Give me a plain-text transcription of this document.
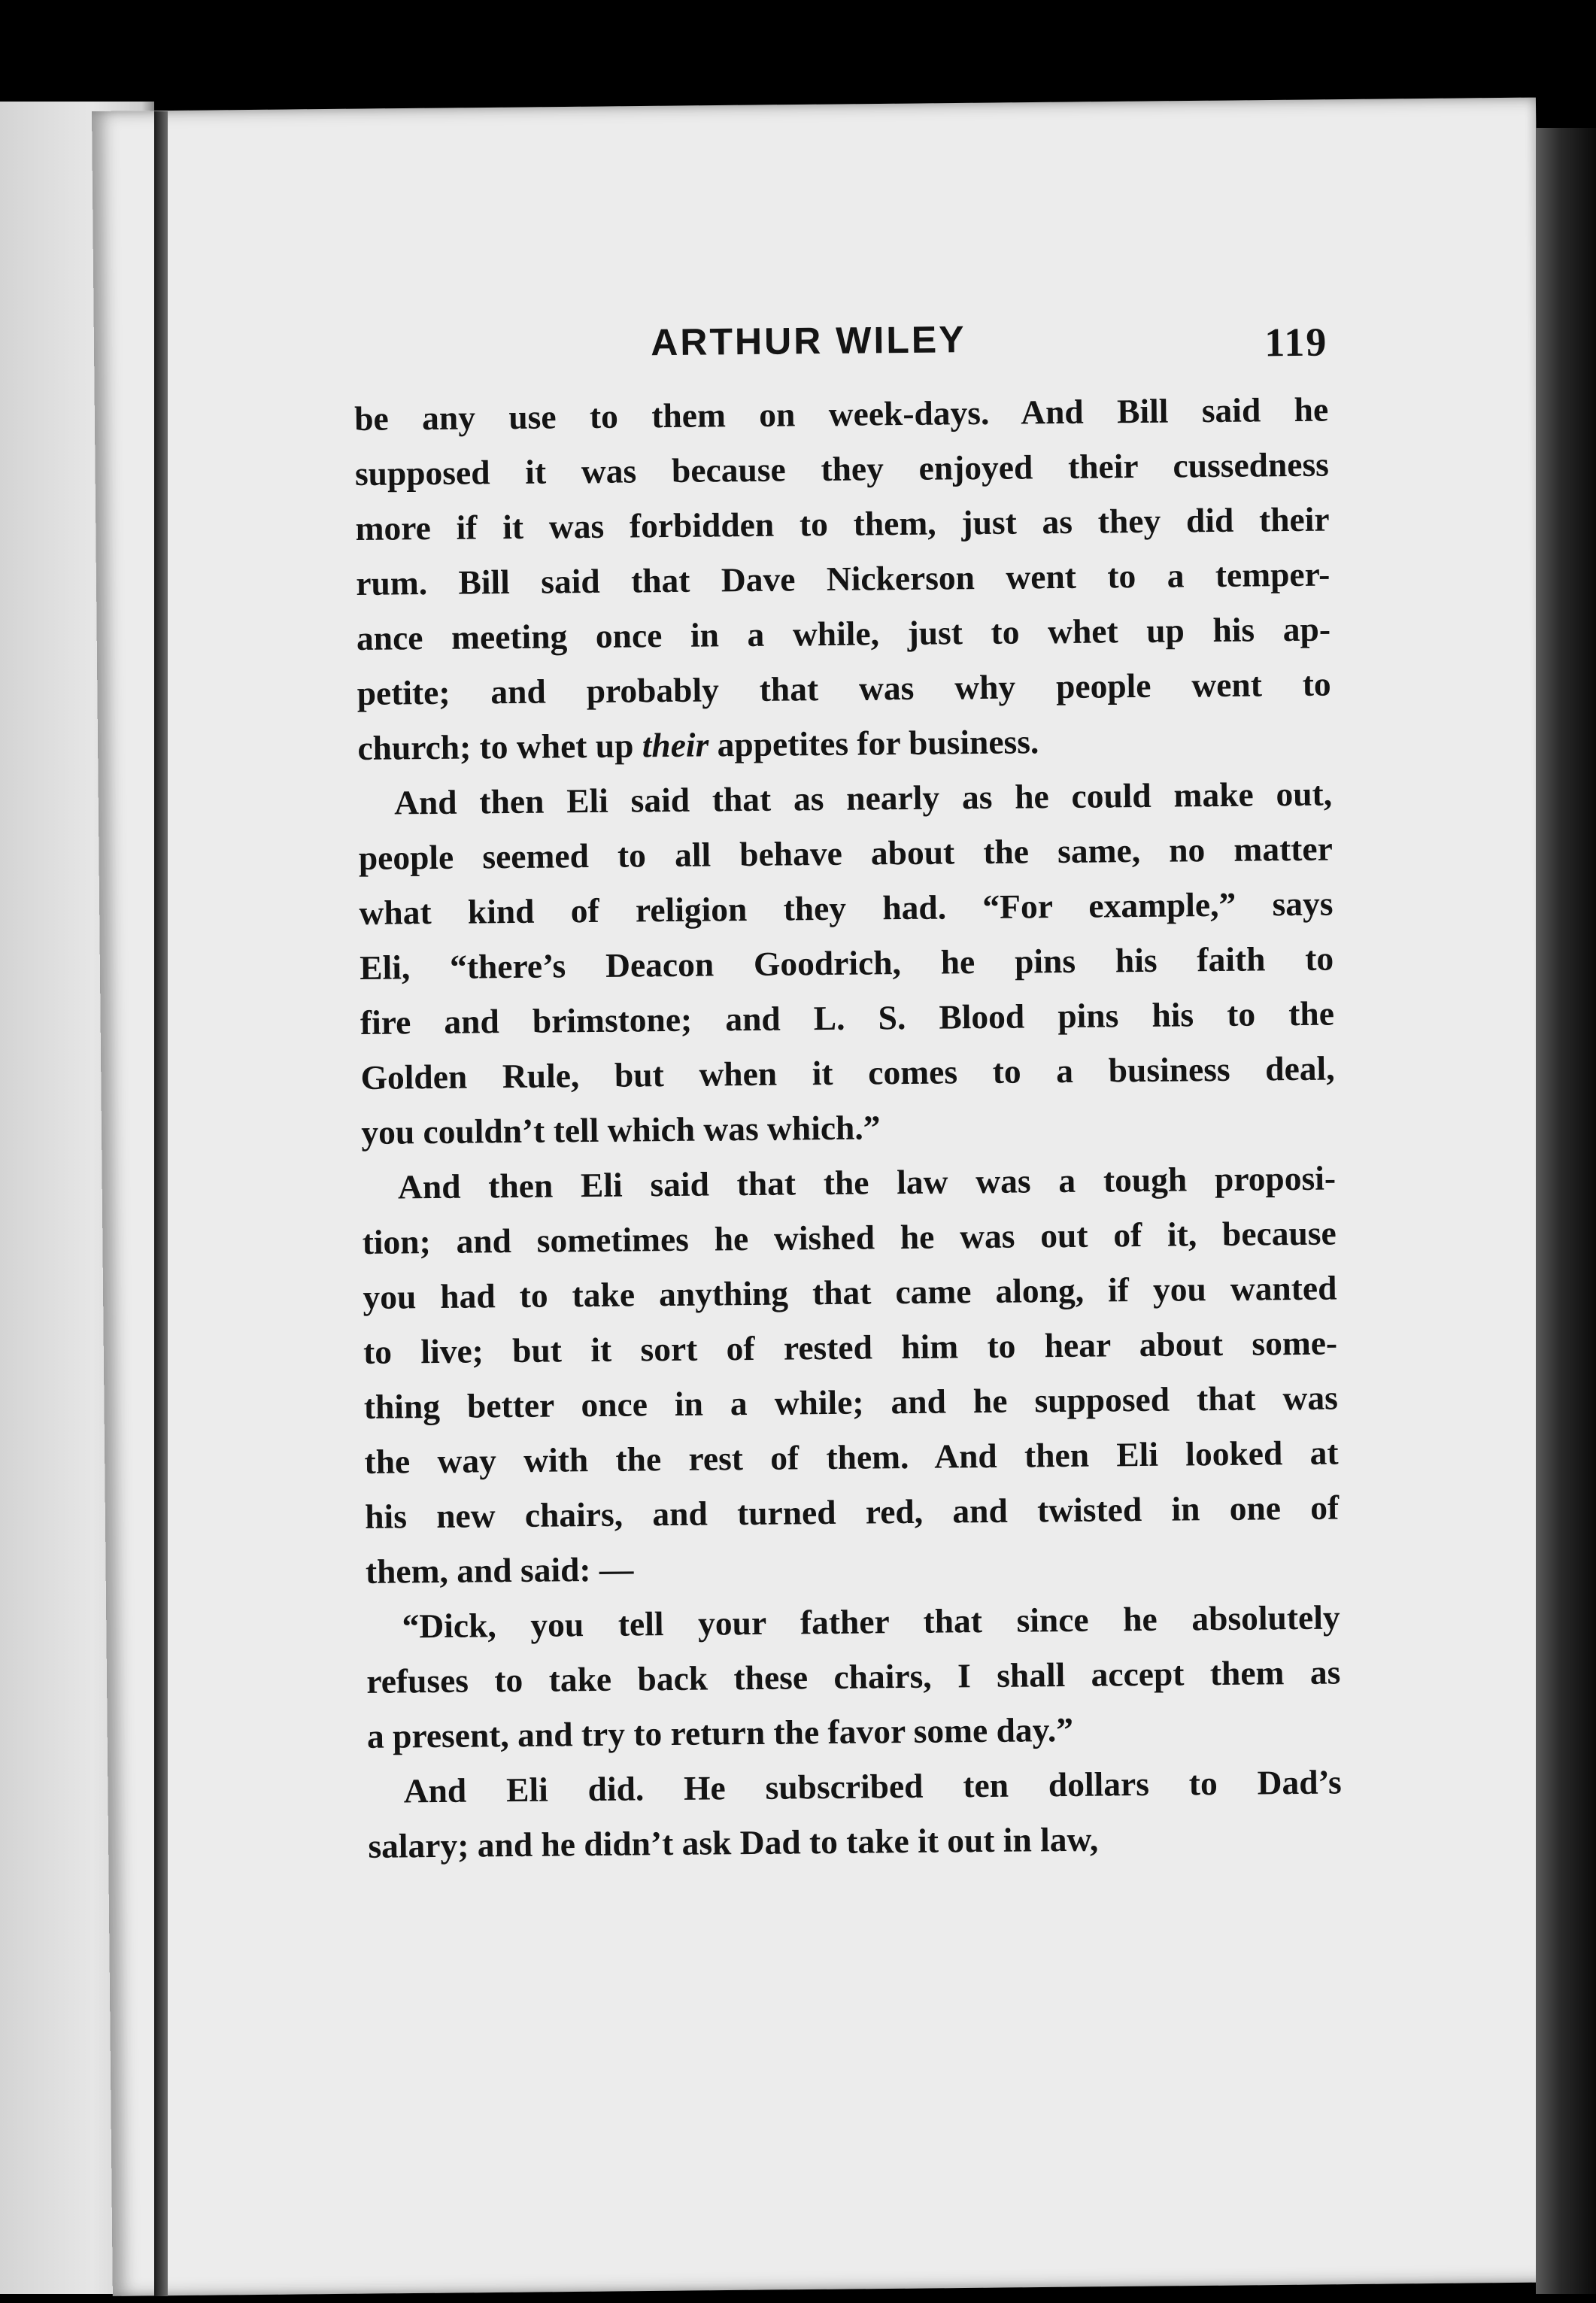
ARTHUR WILEY	119

be any use to them on week-days. And Bill said he
supposed it was because they enjoyed their cussedness
more if it was forbidden to them, just as they did their
rum. Bill said that Dave Nickerson went to a temper-
ance meeting once in a while, just to whet up his ap-
petite; and probably that was why people went to
church; to whet up their appetites for business.

And then Eli said that as nearly as he could make out,
people seemed to all behave about the same, no matter
what kind of religion they had. “For example,” says
Eli, “there’s Deacon Goodrich, he pins his faith to
fire and brimstone; and L. S. Blood pins his to the
Golden Rule, but when it comes to a business deal,
you couldn’t tell which was which.”

And then Eli said that the law was a tough proposi-
tion; and sometimes he wished he was out of it, because
you had to take anything that came along, if you wanted
to live; but it sort of rested him to hear about some-
thing better once in a while; and he supposed that was
the way with the rest of them. And then Eli looked at
his new chairs, and turned red, and twisted in one of
them, and said: —

“Dick, you tell your father that since he absolutely
refuses to take back these chairs, I shall accept them as
a present, and try to return the favor some day.”

And Eli did. He subscribed ten dollars to Dad’s
salary; and he didn’t ask Dad to take it out in law,
